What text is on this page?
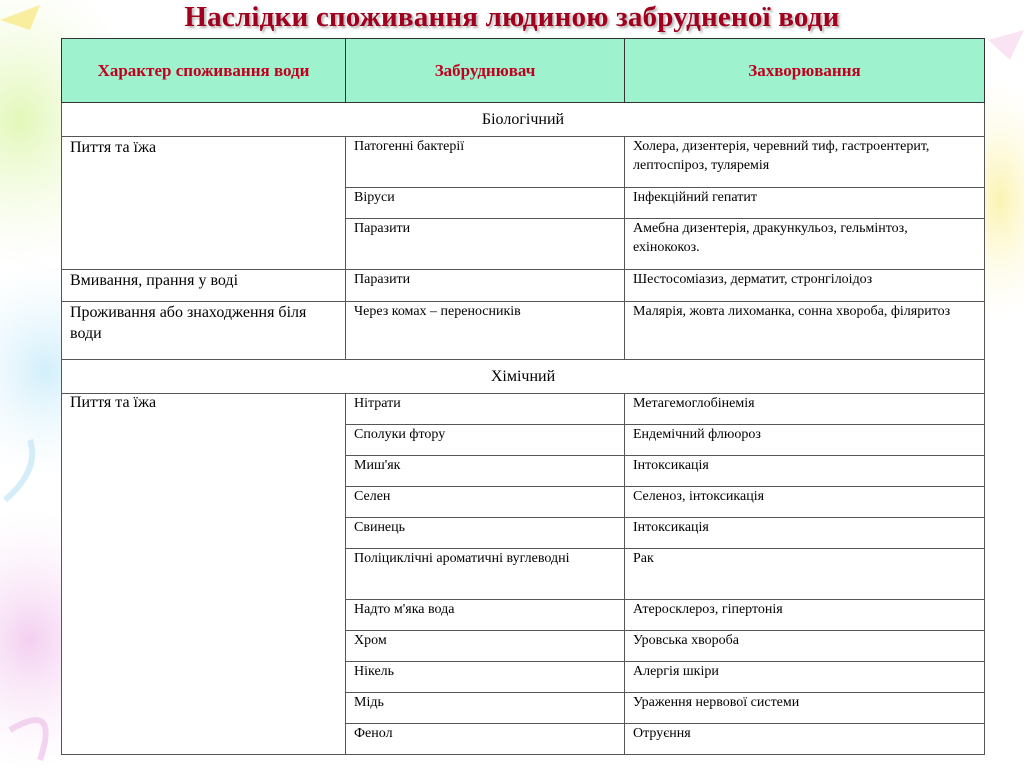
Наслідки споживання людиною забрудненої води
Характер споживання води	Забруднювач	Захворювання
Біологічний		
Пиття та їжа	Патогенні бактерії	Холера, дизентерія, черевний тиф, гастроентерит, лептоспіроз, туляремія
	Віруси	Інфекційний гепатит
	Паразити	Амебна дизентерія, дракункульоз, гельмінтоз, ехінококоз.
Вмивання, прання у воді	Паразити	Шестосоміазиз, дерматит, стронгілоідоз
Проживання або знаходження біля води	Через комах – переносників	Малярія, жовта лихоманка, сонна хвороба, філяритоз
Хімічний		
Пиття та їжа	Нітрати	Метагемоглобінемія
	Сполуки фтору	Ендемічний флюороз
	Миш'як	Інтоксикація
	Селен	Селеноз, інтоксикація
	Свинець	Інтоксикація
	Поліциклічні ароматичні вуглеводні	Рак
	Надто м'яка вода	Атеросклероз, гіпертонія
	Хром	Уровська хвороба
	Нікель	Алергія шкіри
	Мідь	Ураження нервової системи
	Фенол	Отруєння
